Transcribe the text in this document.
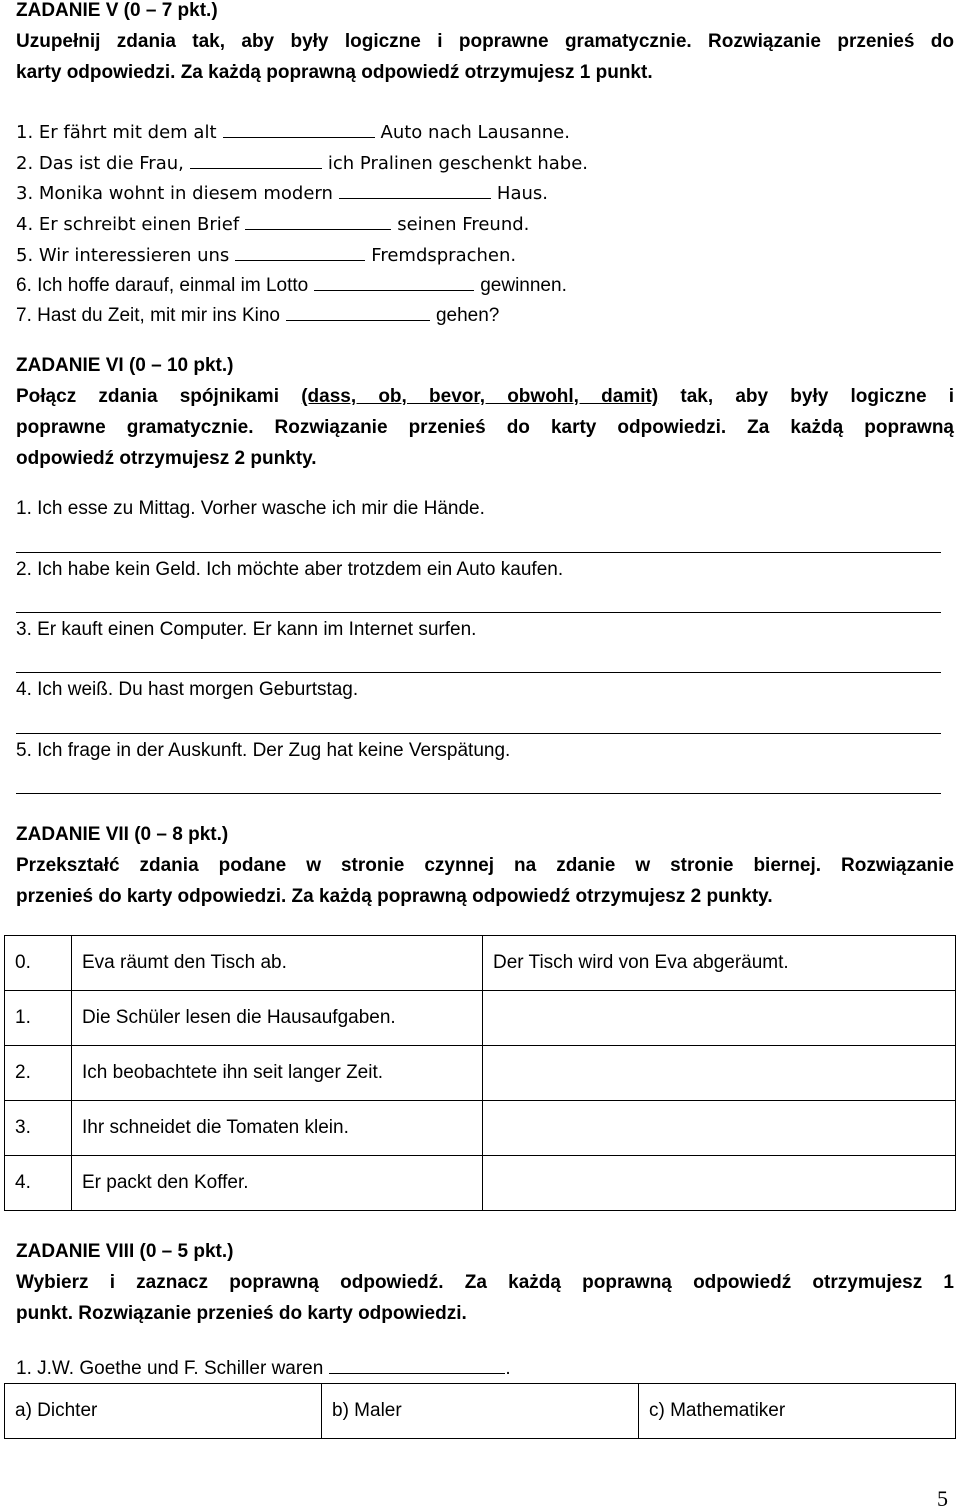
ZADANIE V (0 – 7 pkt.)
Uzupełnij zdania tak, aby były logiczne i poprawne gramatycznie. Rozwiązanie przenieś do
karty odpowiedzi. Za każdą poprawną odpowiedź otrzymujesz 1 punkt.
1. Er fährt mit dem alt	Auto nach Lausanne.
2. Das ist die Frau,	ich Pralinen geschenkt habe.
3. Monika wohnt in diesem modern	Haus.
4. Er schreibt einen Brief	seinen Freund.
5. Wir interessieren uns	Fremdsprachen.
6. Ich hoffe darauf, einmal im Lotto	gewinnen.
7. Hast du Zeit, mit mir ins Kino	gehen?
ZADANIE VI (0 – 10 pkt.)
Połącz zdania spójnikami (dass, ob, bevor, obwohl, damit) tak, aby były logiczne i
poprawne gramatycznie. Rozwiązanie przenieś do karty odpowiedzi. Za każdą poprawną
odpowiedź otrzymujesz 2 punkty.
1. Ich esse zu Mittag. Vorher wasche ich mir die Hände.
2. Ich habe kein Geld. Ich möchte aber trotzdem ein Auto kaufen.
3. Er kauft einen Computer. Er kann im Internet surfen.
4. Ich weiß. Du hast morgen Geburtstag.
5. Ich frage in der Auskunft. Der Zug hat keine Verspätung.
ZADANIE VII (0 – 8 pkt.)
Przekształć zdania podane w stronie czynnej na zdanie w stronie biernej. Rozwiązanie
przenieś do karty odpowiedzi. Za każdą poprawną odpowiedź otrzymujesz 2 punkty.
0.	Eva räumt den Tisch ab.	Der Tisch wird von Eva abgeräumt.
1.	Die Schüler lesen die Hausaufgaben.	
2.	Ich beobachtete ihn seit langer Zeit.	
3.	Ihr schneidet die Tomaten klein.	
4.	Er packt den Koffer.	
ZADANIE VIII (0 – 5 pkt.)
Wybierz i zaznacz poprawną odpowiedź. Za każdą poprawną odpowiedź otrzymujesz 1
punkt. Rozwiązanie przenieś do karty odpowiedzi.
1. J.W. Goethe und F. Schiller waren	.
a) Dichter	b) Maler	c) Mathematiker
5
